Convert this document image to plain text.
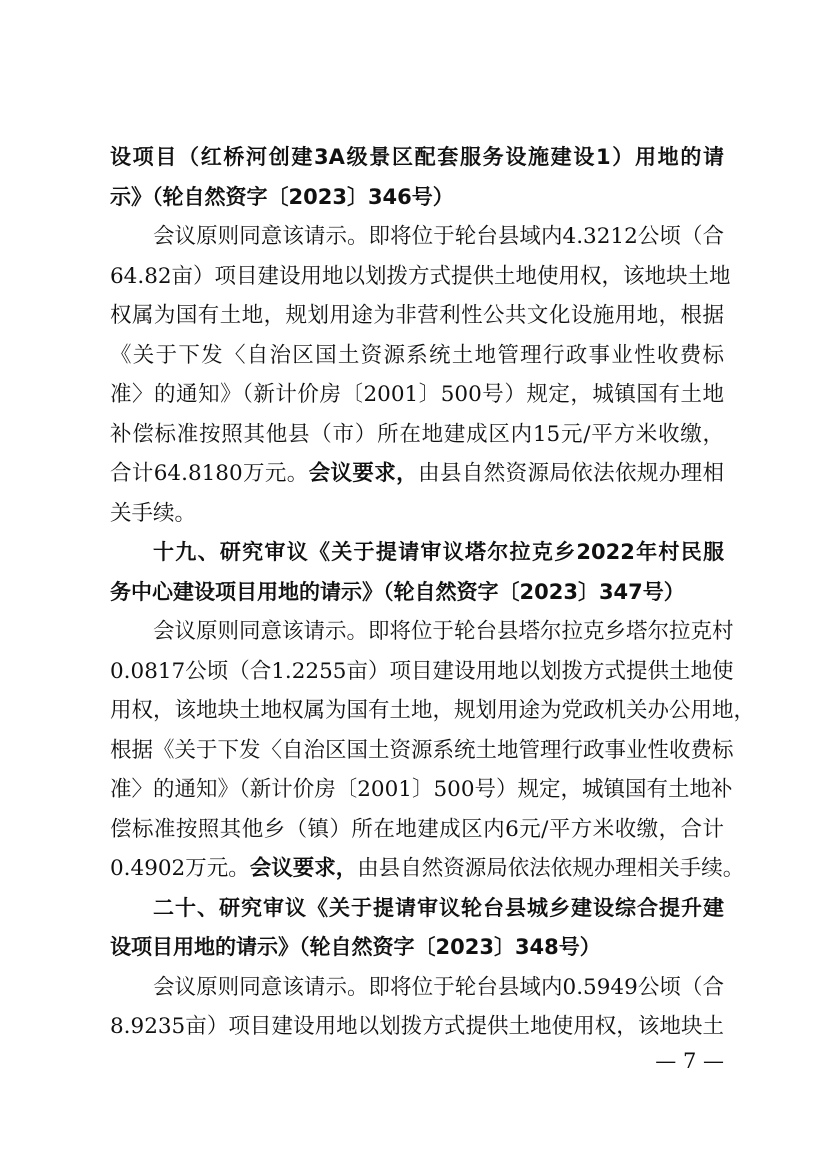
设项目（红桥河创建3A级景区配套服务设施建设1）用地的请
示》（轮自然资字〔2023〕346号）
会议原则同意该请示。即将位于轮台县域内4.3212公顷（合
64.82亩）项目建设用地以划拨方式提供土地使用权，该地块土地
权属为国有土地，规划用途为非营利性公共文化设施用地，根据
《关于下发〈自治区国土资源系统土地管理行政事业性收费标
准〉的通知》（新计价房〔2001〕500号）规定，城镇国有土地
补偿标准按照其他县（市）所在地建成区内15元/平方米收缴，
合计64.8180万元。会议要求，由县自然资源局依法依规办理相
关手续。
十九、研究审议《关于提请审议塔尔拉克乡2022年村民服
务中心建设项目用地的请示》（轮自然资字〔2023〕347号）
会议原则同意该请示。即将位于轮台县塔尔拉克乡塔尔拉克村
0.0817公顷（合1.2255亩）项目建设用地以划拨方式提供土地使
用权，该地块土地权属为国有土地，规划用途为党政机关办公用地，
根据《关于下发〈自治区国土资源系统土地管理行政事业性收费标
准〉的通知》（新计价房〔2001〕500号）规定，城镇国有土地补
偿标准按照其他乡（镇）所在地建成区内6元/平方米收缴，合计
0.4902万元。会议要求，由县自然资源局依法依规办理相关手续。
二十、研究审议《关于提请审议轮台县城乡建设综合提升建
设项目用地的请示》（轮自然资字〔2023〕348号）
会议原则同意该请示。即将位于轮台县域内0.5949公顷（合
8.9235亩）项目建设用地以划拨方式提供土地使用权，该地块土
— 7 —
